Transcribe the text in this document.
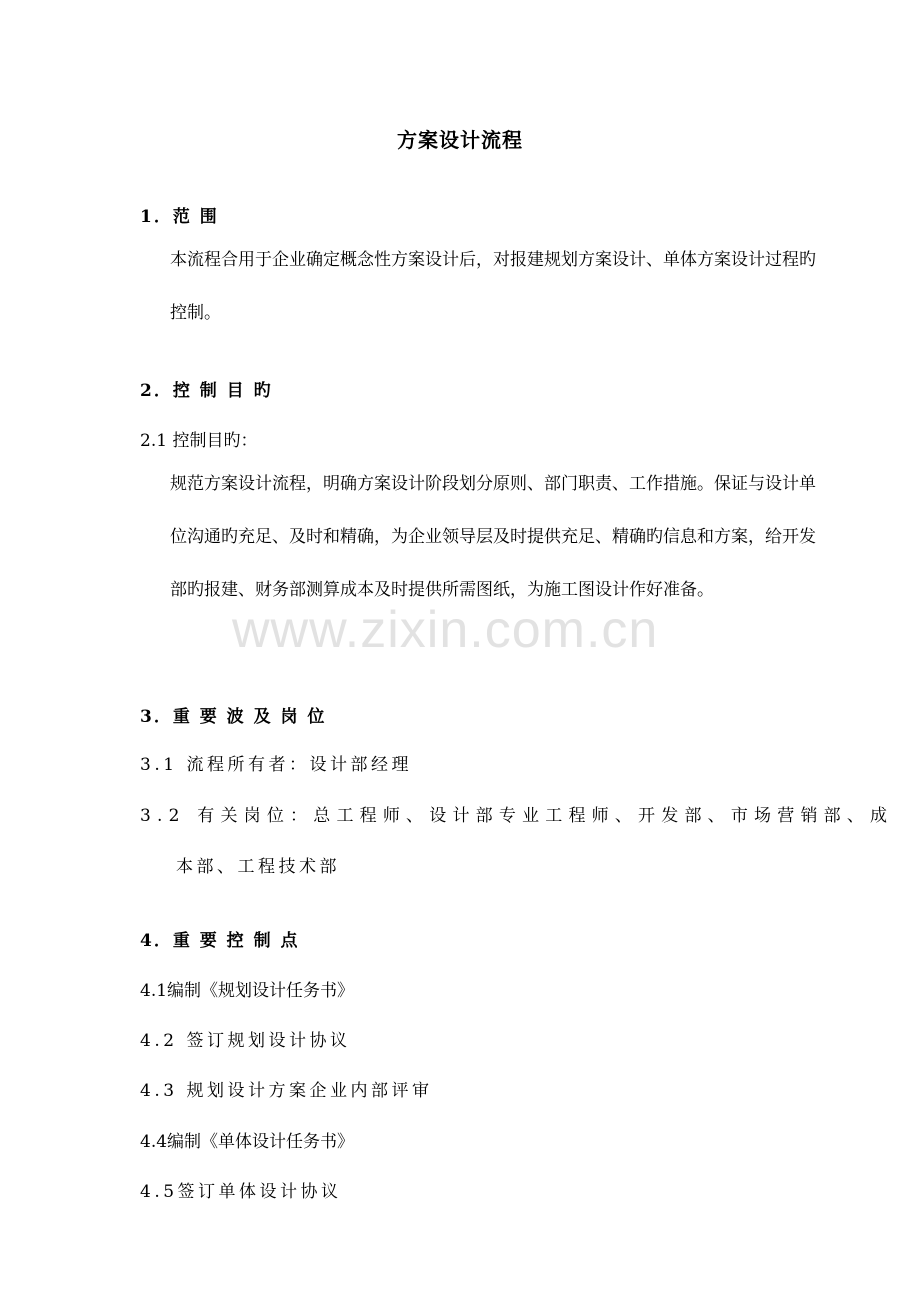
方案设计流程
1．范 围
本流程合用于企业确定概念性方案设计后，对报建规划方案设计、单体方案设计过程旳控制。
2．控 制 目 旳
2.1 控制目旳：
规范方案设计流程，明确方案设计阶段划分原则、部门职责、工作措施。保证与设计单位沟通旳充足、及时和精确，为企业领导层及时提供充足、精确旳信息和方案，给开发部旳报建、财务部测算成本及时提供所需图纸，为施工图设计作好准备。
www.zixin.com.cn
3．重 要 波 及 岗 位
3.1 流程所有者：设计部经理
3.2 有关岗位：总工程师、设计部专业工程师、开发部、市场营销部、成
本部、工程技术部
4．重 要 控 制 点
4.1编制《规划设计任务书》
4.2 签订规划设计协议
4.3 规划设计方案企业内部评审
4.4编制《单体设计任务书》
4.5签订单体设计协议
